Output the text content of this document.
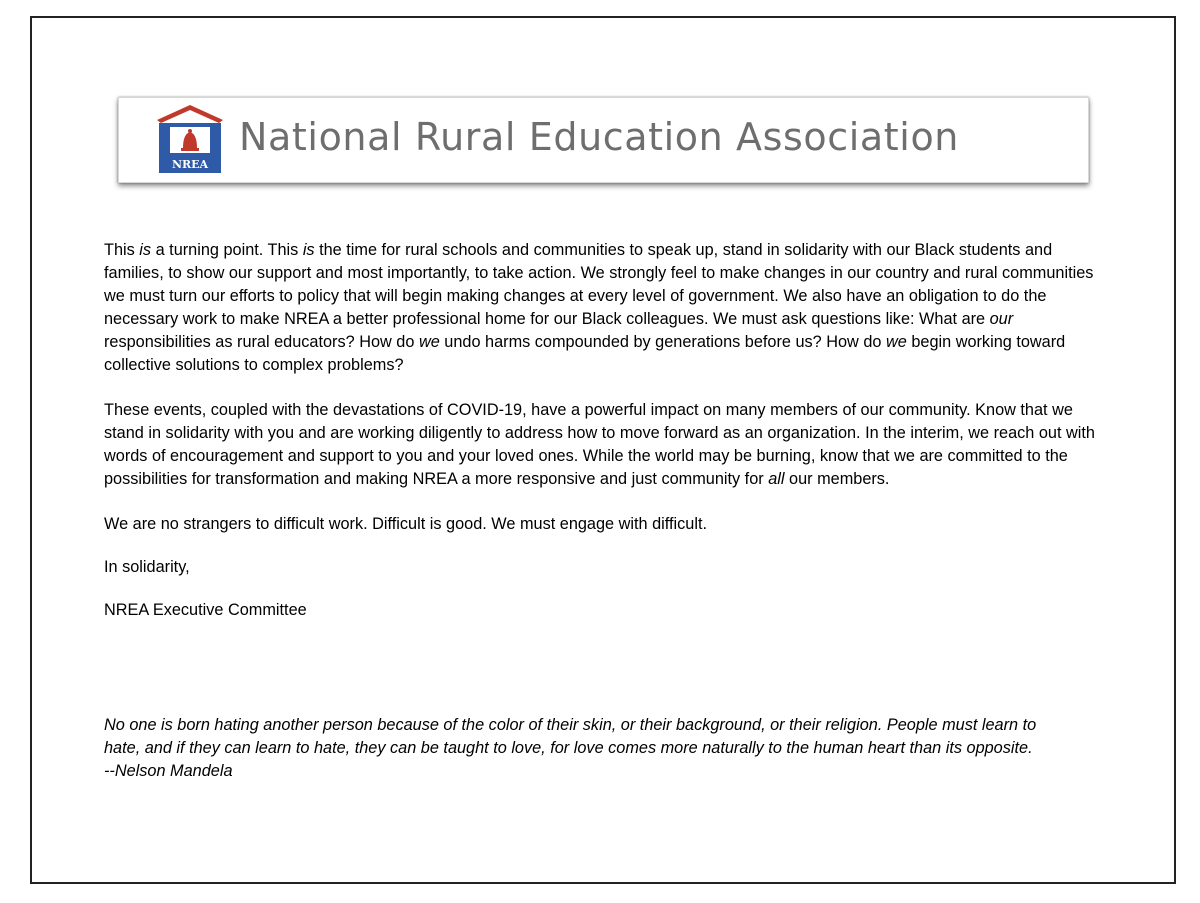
NREA
National Rural Education Association

This is a turning point. This is the time for rural schools and communities to speak up, stand in solidarity with our Black students and families, to show our support and most importantly, to take action. We strongly feel to make changes in our country and rural communities we must turn our efforts to policy that will begin making changes at every level of government. We also have an obligation to do the necessary work to make NREA a better professional home for our Black colleagues. We must ask questions like: What are our responsibilities as rural educators? How do we undo harms compounded by generations before us? How do we begin working toward collective solutions to complex problems?

These events, coupled with the devastations of COVID-19, have a powerful impact on many members of our community. Know that we stand in solidarity with you and are working diligently to address how to move forward as an organization. In the interim, we reach out with words of encouragement and support to you and your loved ones. While the world may be burning, know that we are committed to the possibilities for transformation and making NREA a more responsive and just community for all our members.

We are no strangers to difficult work. Difficult is good. We must engage with difficult.

In solidarity,

NREA Executive Committee

No one is born hating another person because of the color of their skin, or their background, or their religion. People must learn to

hate, and if they can learn to hate, they can be taught to love, for love comes more naturally to the human heart than its opposite.

--Nelson Mandela
